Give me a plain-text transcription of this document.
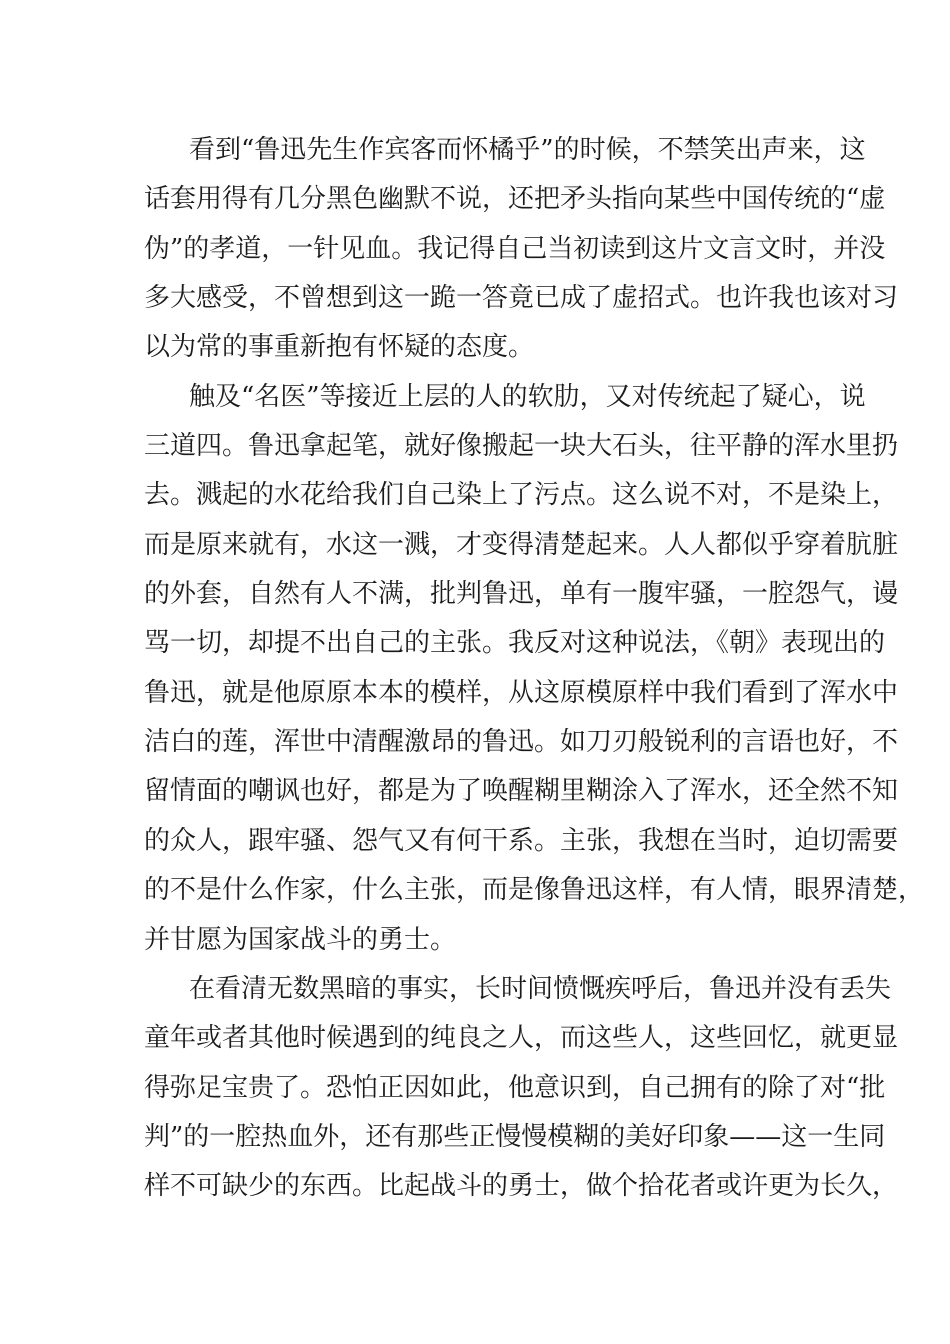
看到“鲁迅先生作宾客而怀橘乎”的时候，不禁笑出声来，这
话套用得有几分黑色幽默不说，还把矛头指向某些中国传统的“虚
伪”的孝道，一针见血。我记得自己当初读到这片文言文时，并没
多大感受，不曾想到这一跪一答竟已成了虚招式。也许我也该对习
以为常的事重新抱有怀疑的态度。
触及“名医”等接近上层的人的软肋，又对传统起了疑心，说
三道四。鲁迅拿起笔，就好像搬起一块大石头，往平静的浑水里扔
去。溅起的水花给我们自己染上了污点。这么说不对，不是染上，
而是原来就有，水这一溅，才变得清楚起来。人人都似乎穿着肮脏
的外套，自然有人不满，批判鲁迅，单有一腹牢骚，一腔怨气，谩
骂一切，却提不出自己的主张。我反对这种说法，《朝》表现出的
鲁迅，就是他原原本本的模样，从这原模原样中我们看到了浑水中
洁白的莲，浑世中清醒激昂的鲁迅。如刀刃般锐利的言语也好，不
留情面的嘲讽也好，都是为了唤醒糊里糊涂入了浑水，还全然不知
的众人，跟牢骚、怨气又有何干系。主张，我想在当时，迫切需要
的不是什么作家，什么主张，而是像鲁迅这样，有人情，眼界清楚，
并甘愿为国家战斗的勇士。
在看清无数黑暗的事实，长时间愤慨疾呼后，鲁迅并没有丢失
童年或者其他时候遇到的纯良之人，而这些人，这些回忆，就更显
得弥足宝贵了。恐怕正因如此，他意识到，自己拥有的除了对“批
判”的一腔热血外，还有那些正慢慢模糊的美好印象——这一生同
样不可缺少的东西。比起战斗的勇士，做个拾花者或许更为长久，
